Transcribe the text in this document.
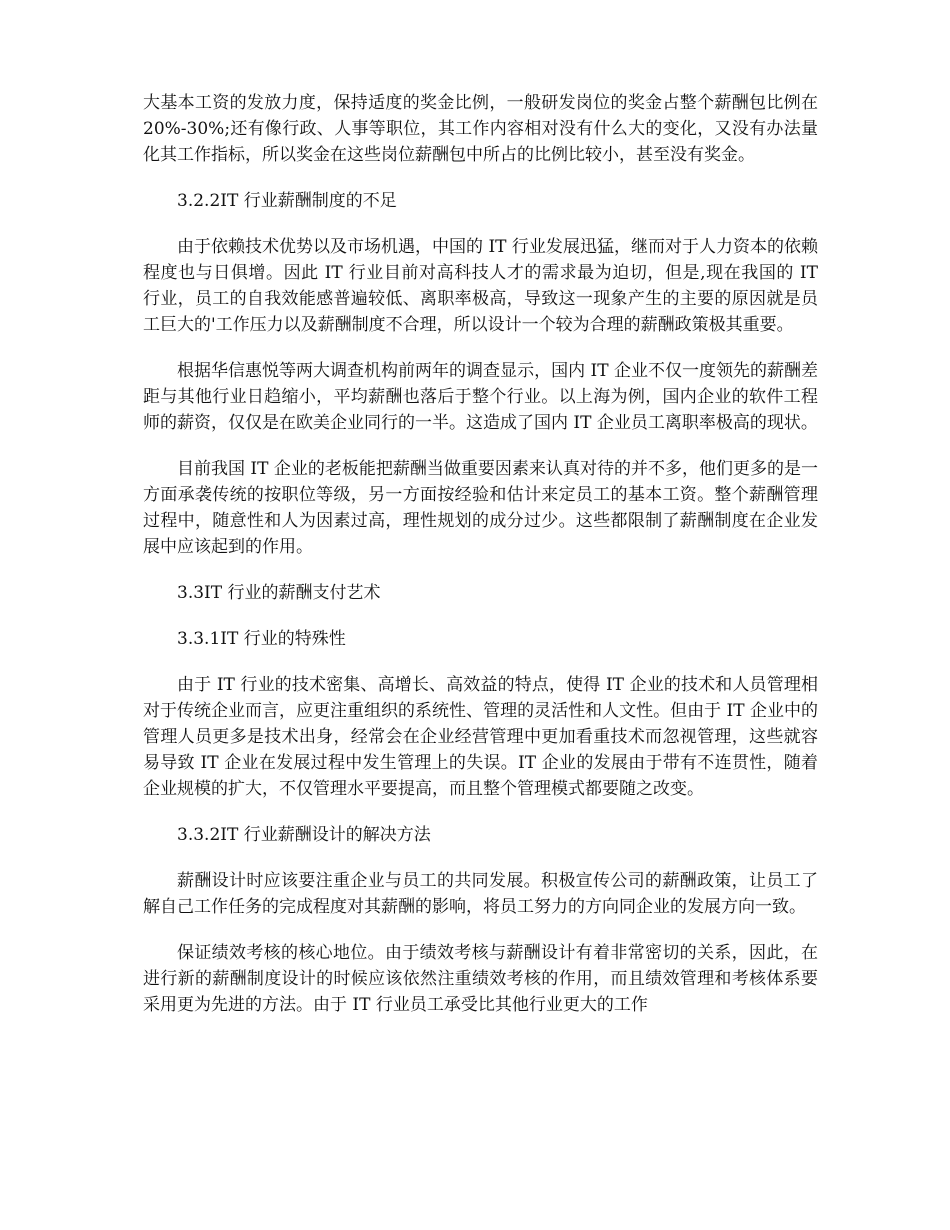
大基本工资的发放力度，保持适度的奖金比例，一般研发岗位的奖金占整个薪酬包比例在 20%-30%;还有像行政、人事等职位，其工作内容相对没有什么大的变化，又没有办法量化其工作指标，所以奖金在这些岗位薪酬包中所占的比例比较小，甚至没有奖金。

3.2.2IT 行业薪酬制度的不足

由于依赖技术优势以及市场机遇，中国的 IT 行业发展迅猛，继而对于人力资本的依赖程度也与日俱增。因此 IT 行业目前对高科技人才的需求最为迫切，但是,现在我国的 IT 行业，员工的自我效能感普遍较低、离职率极高，导致这一现象产生的主要的原因就是员工巨大的'工作压力以及薪酬制度不合理，所以设计一个较为合理的薪酬政策极其重要。

根据华信惠悦等两大调查机构前两年的调查显示，国内 IT 企业不仅一度领先的薪酬差距与其他行业日趋缩小，平均薪酬也落后于整个行业。以上海为例，国内企业的软件工程师的薪资，仅仅是在欧美企业同行的一半。这造成了国内 IT 企业员工离职率极高的现状。

目前我国 IT 企业的老板能把薪酬当做重要因素来认真对待的并不多，他们更多的是一方面承袭传统的按职位等级，另一方面按经验和估计来定员工的基本工资。整个薪酬管理过程中，随意性和人为因素过高，理性规划的成分过少。这些都限制了薪酬制度在企业发展中应该起到的作用。

3.3IT 行业的薪酬支付艺术

3.3.1IT 行业的特殊性

由于 IT 行业的技术密集、高增长、高效益的特点，使得 IT 企业的技术和人员管理相对于传统企业而言，应更注重组织的系统性、管理的灵活性和人文性。但由于 IT 企业中的管理人员更多是技术出身，经常会在企业经营管理中更加看重技术而忽视管理，这些就容易导致 IT 企业在发展过程中发生管理上的失误。IT 企业的发展由于带有不连贯性，随着企业规模的扩大，不仅管理水平要提高，而且整个管理模式都要随之改变。

3.3.2IT 行业薪酬设计的解决方法

薪酬设计时应该要注重企业与员工的共同发展。积极宣传公司的薪酬政策，让员工了解自己工作任务的完成程度对其薪酬的影响，将员工努力的方向同企业的发展方向一致。

保证绩效考核的核心地位。由于绩效考核与薪酬设计有着非常密切的关系，因此，在进行新的薪酬制度设计的时候应该依然注重绩效考核的作用，而且绩效管理和考核体系要采用更为先进的方法。由于 IT 行业员工承受比其他行业更大的工作
